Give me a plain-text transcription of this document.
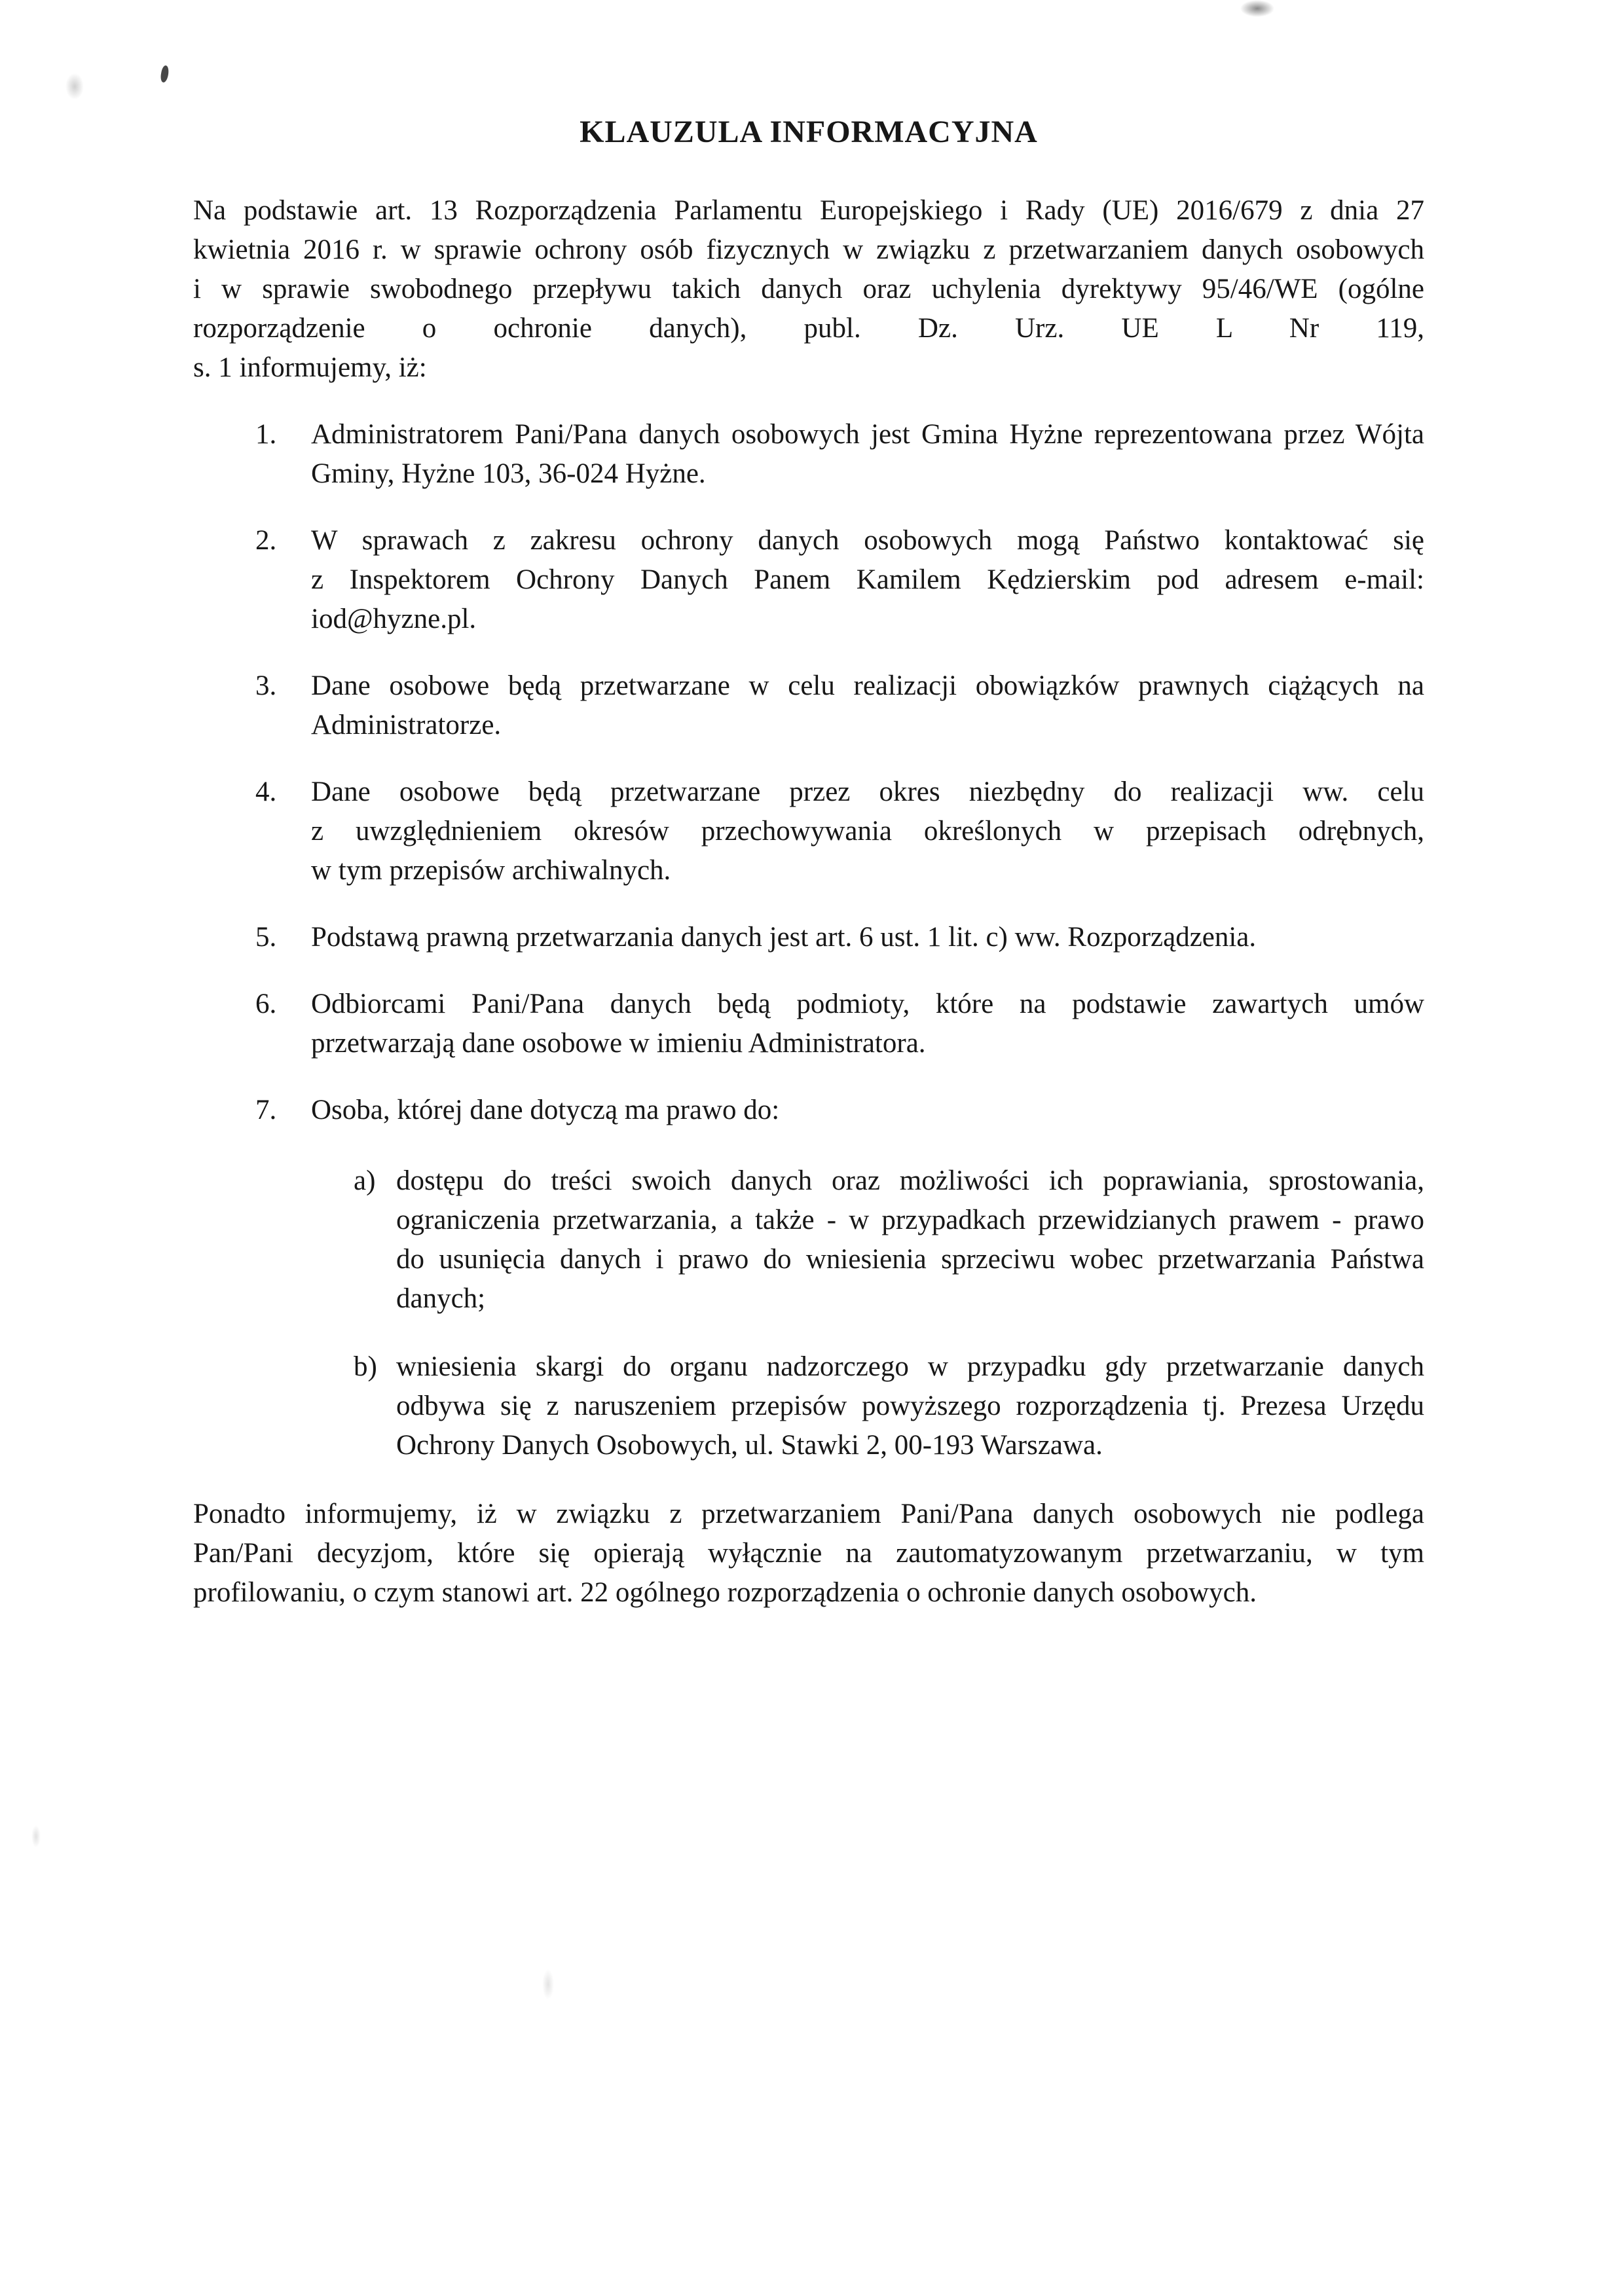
KLAUZULA INFORMACYJNA
Na podstawie art. 13 Rozporządzenia Parlamentu Europejskiego i Rady (UE) 2016/679 z dnia 27
kwietnia 2016 r. w sprawie ochrony osób fizycznych w związku z przetwarzaniem danych osobowych
i w sprawie swobodnego przepływu takich danych oraz uchylenia dyrektywy 95/46/WE (ogólne
rozporządzenie o ochronie danych), publ. Dz. Urz. UE L Nr 119,
s. 1 informujemy, iż:
1.	Administratorem Pani/Pana danych osobowych jest Gmina Hyżne reprezentowana przez Wójta
Gminy, Hyżne 103, 36-024 Hyżne.
2.	W sprawach z zakresu ochrony danych osobowych mogą Państwo kontaktować się
z Inspektorem Ochrony Danych Panem Kamilem Kędzierskim pod adresem e-mail:
iod@hyzne.pl.
3.	Dane osobowe będą przetwarzane w celu realizacji obowiązków prawnych ciążących na
Administratorze.
4.	Dane osobowe będą przetwarzane przez okres niezbędny do realizacji ww. celu
z uwzględnieniem okresów przechowywania określonych w przepisach odrębnych,
w tym przepisów archiwalnych.
5.	Podstawą prawną przetwarzania danych jest art. 6 ust. 1 lit. c) ww. Rozporządzenia.
6.	Odbiorcami Pani/Pana danych będą podmioty, które na podstawie zawartych umów
przetwarzają dane osobowe w imieniu Administratora.
7.	Osoba, której dane dotyczą ma prawo do:
a) dostępu do treści swoich danych oraz możliwości ich poprawiania, sprostowania,
ograniczenia przetwarzania, a także - w przypadkach przewidzianych prawem - prawo
do usunięcia danych i prawo do wniesienia sprzeciwu wobec przetwarzania Państwa
danych;
b) wniesienia skargi do organu nadzorczego w przypadku gdy przetwarzanie danych
odbywa się z naruszeniem przepisów powyższego rozporządzenia tj. Prezesa Urzędu
Ochrony Danych Osobowych, ul. Stawki 2, 00-193 Warszawa.
Ponadto informujemy, iż w związku z przetwarzaniem Pani/Pana danych osobowych nie podlega
Pan/Pani decyzjom, które się opierają wyłącznie na zautomatyzowanym przetwarzaniu, w tym
profilowaniu, o czym stanowi art. 22 ogólnego rozporządzenia o ochronie danych osobowych.
